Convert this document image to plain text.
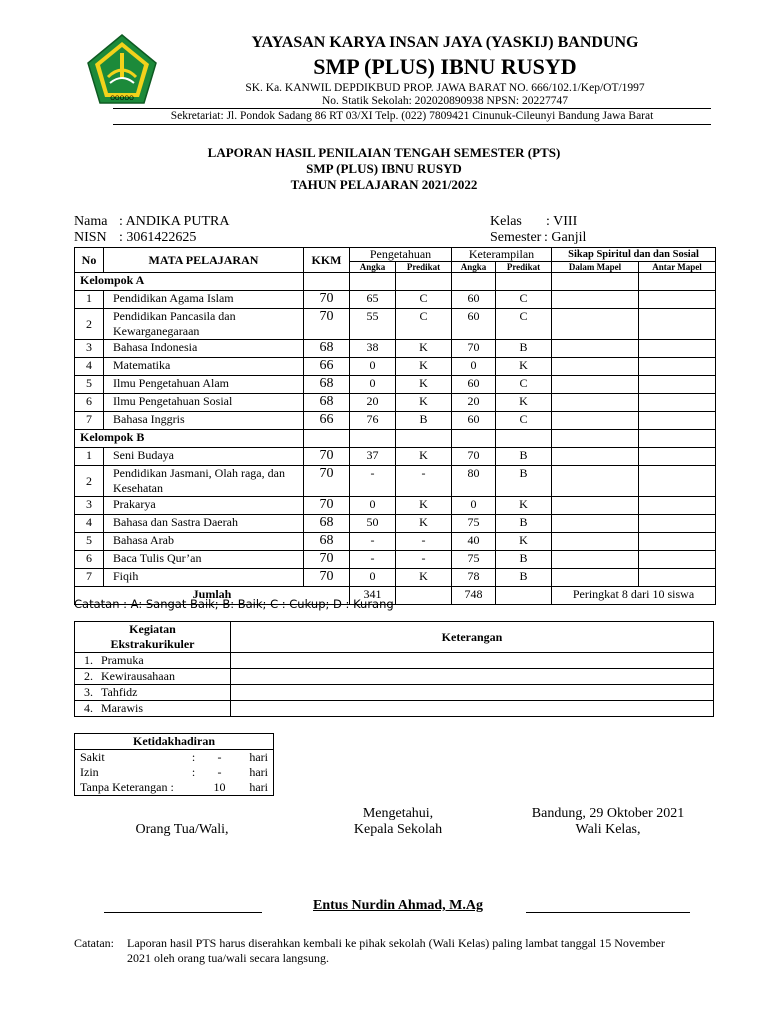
OOOOO
YAYASAN KARYA INSAN JAYA (YASKIJ) BANDUNG
SMP (PLUS) IBNU RUSYD
SK. Ka. KANWIL DEPDIKBUD PROP. JAWA BARAT NO. 666/102.1/Kep/OT/1997
No. Statik Sekolah: 202020890938 NPSN: 20227747
Sekretariat: Jl. Pondok Sadang 86 RT 03/XI Telp. (022) 7809421 Cinunuk-Cileunyi Bandung Jawa Barat
LAPORAN HASIL PENILAIAN TENGAH SEMESTER (PTS)
SMP (PLUS) IBNU RUSYD
TAHUN PELAJARAN 2021/2022
Nama : ANDIKA PUTRA
NISN : 3061422625
Kelas : VIII
Semester : Ganjil
No	MATA PELAJARAN	KKM	Pengetahuan		Keterampilan		Sikap Spiritul dan dan Sosial	
			Angka	Predikat	Angka	Predikat	Dalam Mapel	Antar Mapel
Kelompok A								
1	Pendidikan Agama Islam	70	65	C	60	C		
2	Pendidikan Pancasila dan Kewarganegaraan	70	55	C	60	C		
3	Bahasa Indonesia	68	38	K	70	B		
4	Matematika	66	0	K	0	K		
5	Ilmu Pengetahuan Alam	68	0	K	60	C		
6	Ilmu Pengetahuan Sosial	68	20	K	20	K		
7	Bahasa Inggris	66	76	B	60	C		
Kelompok B								
1	Seni Budaya	70	37	K	70	B		
2	Pendidikan Jasmani, Olah raga, dan Kesehatan	70	-	-	80	B		
3	Prakarya	70	0	K	0	K		
4	Bahasa dan Sastra Daerah	68	50	K	75	B		
5	Bahasa Arab	68	-	-	40	K		
6	Baca Tulis Qur’an	70	-	-	75	B		
7	Fiqih	70	0	K	78	B		
Jumlah			341		748		Peringkat 8 dari 10 siswa	
Catatan : A: Sangat Baik; B: Baik; C : Cukup; D : Kurang
Kegiatan Ekstrakurikuler	Keterangan
1. Pramuka	
2. Kewirausahaan	
3. Tahfidz	
4. Marawis	
Ketidakhadiran			
Sakit	:	-	hari
Izin	:	-	hari
Tanpa Keterangan :		10	hari
Mengetahui,
Kepala Sekolah
Bandung, 29 Oktober 2021
Wali Kelas,
Orang Tua/Wali,
Entus Nurdin Ahmad, M.Ag
Catatan: Laporan hasil PTS harus diserahkan kembali ke pihak sekolah (Wali Kelas) paling lambat tanggal 15 November
2021 oleh orang tua/wali secara langsung.
